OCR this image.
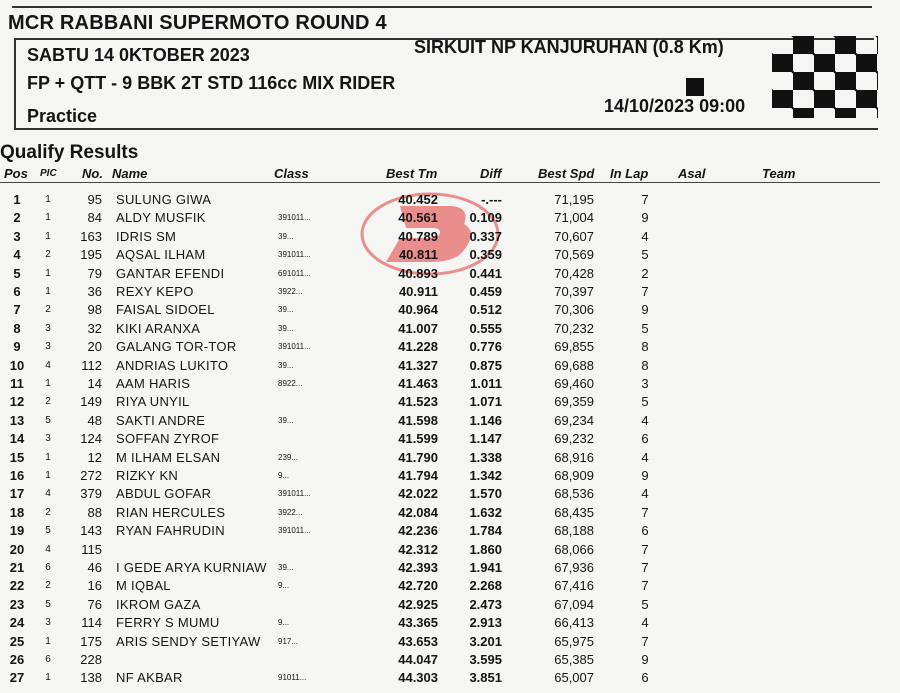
MCR RABBANI SUPERMOTO ROUND 4
SABTU 14 0KTOBER 2023	SIRKUIT NP KANJURUHAN (0.8 Km)
FP + QTT - 9 BBK 2T STD 116cc MIX RIDER
Practice	14/10/2023 09:00
Qualify Results
Pos PIC No. Name	Class	Best Tm	Diff	Best Spd In Lap Asal	Team
1	1	95 SULUNG GIWA	40.452	-.---	71,195	7
2	1	84 ALDY MUSFIK	391011...	40.561	0.109	71,004	9
3	1	163 IDRIS SM	39...	40.789	0.337	70,607	4
4	2	195 AQSAL ILHAM	391011...	40.811	0.359	70,569	5
5	1	79 GANTAR EFENDI	691011...	40.893	0.441	70,428	2
6	1	36 REXY KEPO	3922...	40.911	0.459	70,397	7
7	2	98 FAISAL SIDOEL	39...	40.964	0.512	70,306	9
8	3	32 KIKI ARANXA	39...	41.007	0.555	70,232	5
9	3	20 GALANG TOR-TOR	391011...	41.228	0.776	69,855	8
10	4	112 ANDRIAS LUKITO	39...	41.327	0.875	69,688	8
11	1	14 AAM HARIS	8922...	41.463	1.011	69,460	3
12	2	149 RIYA UNYIL	41.523	1.071	69,359	5
13	5	48 SAKTI ANDRE	39...	41.598	1.146	69,234	4
14	3	124 SOFFAN ZYROF	41.599	1.147	69,232	6
15	1	12 M ILHAM ELSAN	239...	41.790	1.338	68,916	4
16	1	272 RIZKY KN	9...	41.794	1.342	68,909	9
17	4	379 ABDUL GOFAR	391011...	42.022	1.570	68,536	4
18	2	88 RIAN HERCULES	3922...	42.084	1.632	68,435	7
19	5	143 RYAN FAHRUDIN	391011...	42.236	1.784	68,188	6
20	4	115	42.312	1.860	68,066	7
21	6	46 I GEDE ARYA KURNIAW	39...	42.393	1.941	67,936	7
22	2	16 M IQBAL	9...	42.720	2.268	67,416	7
23	5	76 IKROM GAZA	42.925	2.473	67,094	5
24	3	114 FERRY S MUMU	9...	43.365	2.913	66,413	4
25	1	175 ARIS SENDY SETIYAW	917...	43.653	3.201	65,975	7
26	6	228	44.047	3.595	65,385	9
27	1	138 NF AKBAR	91011...	44.303	3.851	65,007	6
